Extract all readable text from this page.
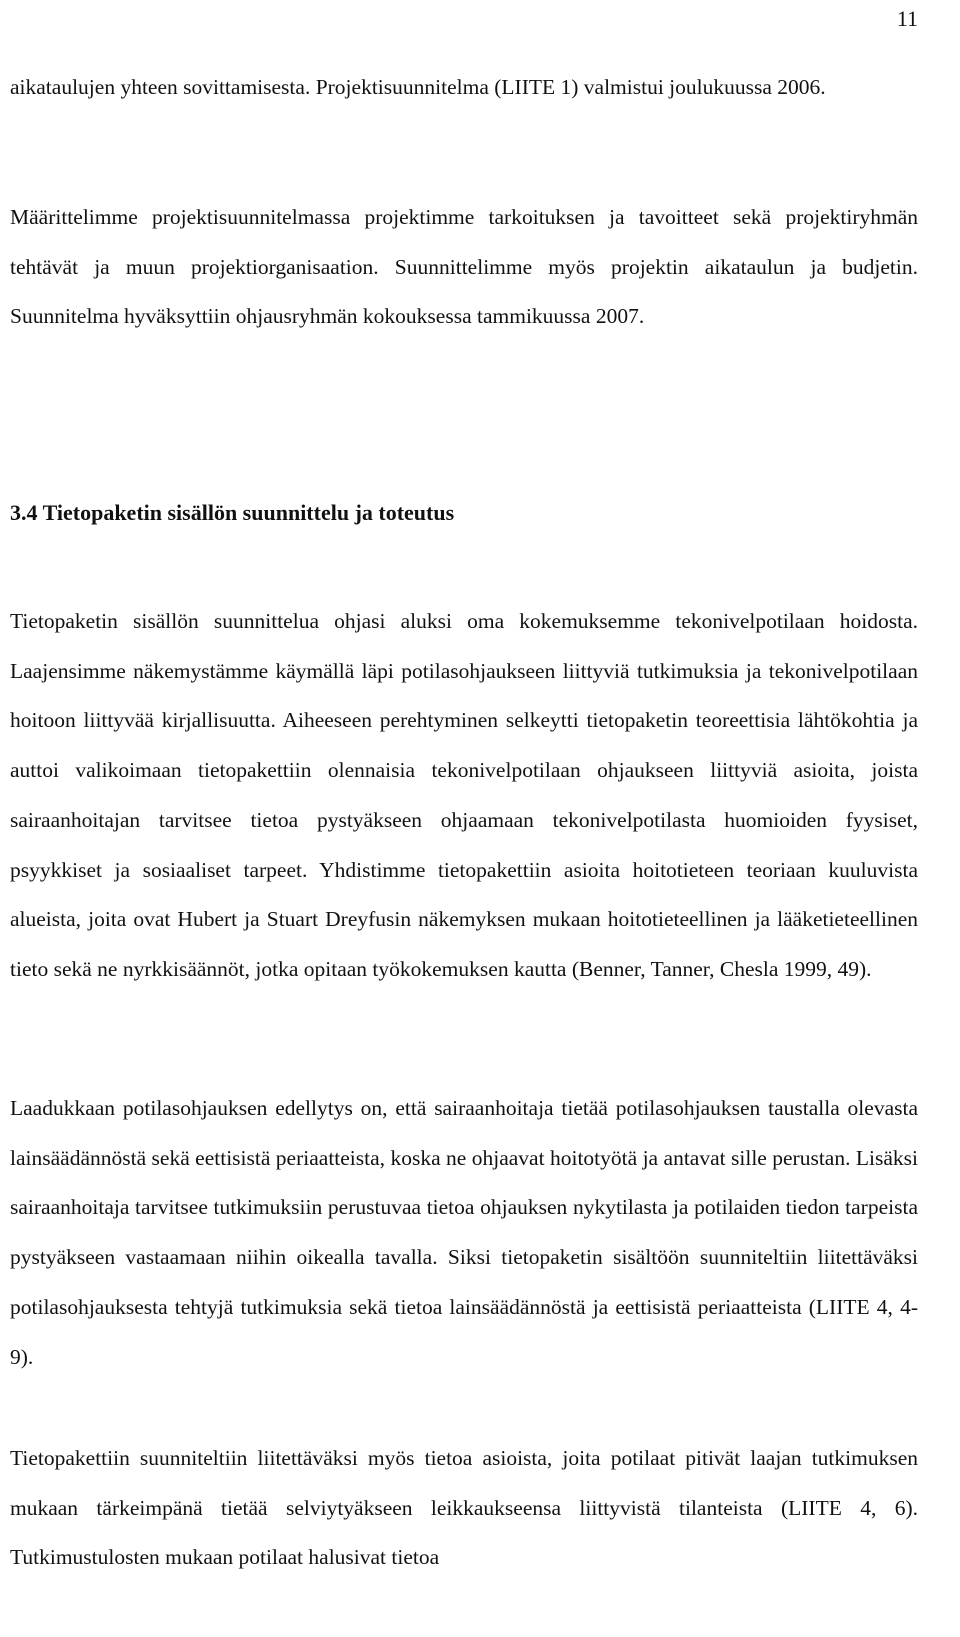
11

aikataulujen yhteen sovittamisesta. Projektisuunnitelma (LIITE 1) valmistui joulukuussa 2006.

Määrittelimme projektisuunnitelmassa projektimme tarkoituksen ja tavoitteet sekä projektiryhmän tehtävät ja muun projektiorganisaation. Suunnittelimme myös projektin aikataulun ja budjetin. Suunnitelma hyväksyttiin ohjausryhmän kokouksessa tammikuussa 2007.

3.4 Tietopaketin sisällön suunnittelu ja toteutus

Tietopaketin sisällön suunnittelua ohjasi aluksi oma kokemuksemme tekonivelpotilaan hoidosta. Laajensimme näkemystämme käymällä läpi potilasohjaukseen liittyviä tutkimuksia ja tekonivelpotilaan hoitoon liittyvää kirjallisuutta. Aiheeseen perehtyminen selkeytti tietopaketin teoreettisia lähtökohtia ja auttoi valikoimaan tietopakettiin olennaisia tekonivelpotilaan ohjaukseen liittyviä asioita, joista sairaanhoitajan tarvitsee tietoa pystyäkseen ohjaamaan tekonivelpotilasta huomioiden fyysiset, psyykkiset ja sosiaaliset tarpeet. Yhdistimme tietopakettiin asioita hoitotieteen teoriaan kuuluvista alueista, joita ovat Hubert ja Stuart Dreyfusin näkemyksen mukaan hoitotieteellinen ja lääketieteellinen tieto sekä ne nyrkkisäännöt, jotka opitaan työkokemuksen kautta (Benner, Tanner, Chesla 1999, 49).

Laadukkaan potilasohjauksen edellytys on, että sairaanhoitaja tietää potilasohjauksen taustalla olevasta lainsäädännöstä sekä eettisistä periaatteista, koska ne ohjaavat hoitotyötä ja antavat sille perustan. Lisäksi sairaanhoitaja tarvitsee tutkimuksiin perustuvaa tietoa ohjauksen nykytilasta ja potilaiden tiedon tarpeista pystyäkseen vastaamaan niihin oikealla tavalla. Siksi tietopaketin sisältöön suunniteltiin liitettäväksi potilasohjauksesta tehtyjä tutkimuksia sekä tietoa lainsäädännöstä ja eettisistä periaatteista (LIITE 4, 4-9).

Tietopakettiin suunniteltiin liitettäväksi myös tietoa asioista, joita potilaat pitivät laajan tutkimuksen mukaan tärkeimpänä tietää selviytyäkseen leikkaukseensa liittyvistä tilanteista (LIITE 4, 6). Tutkimustulosten mukaan potilaat halusivat tietoa
